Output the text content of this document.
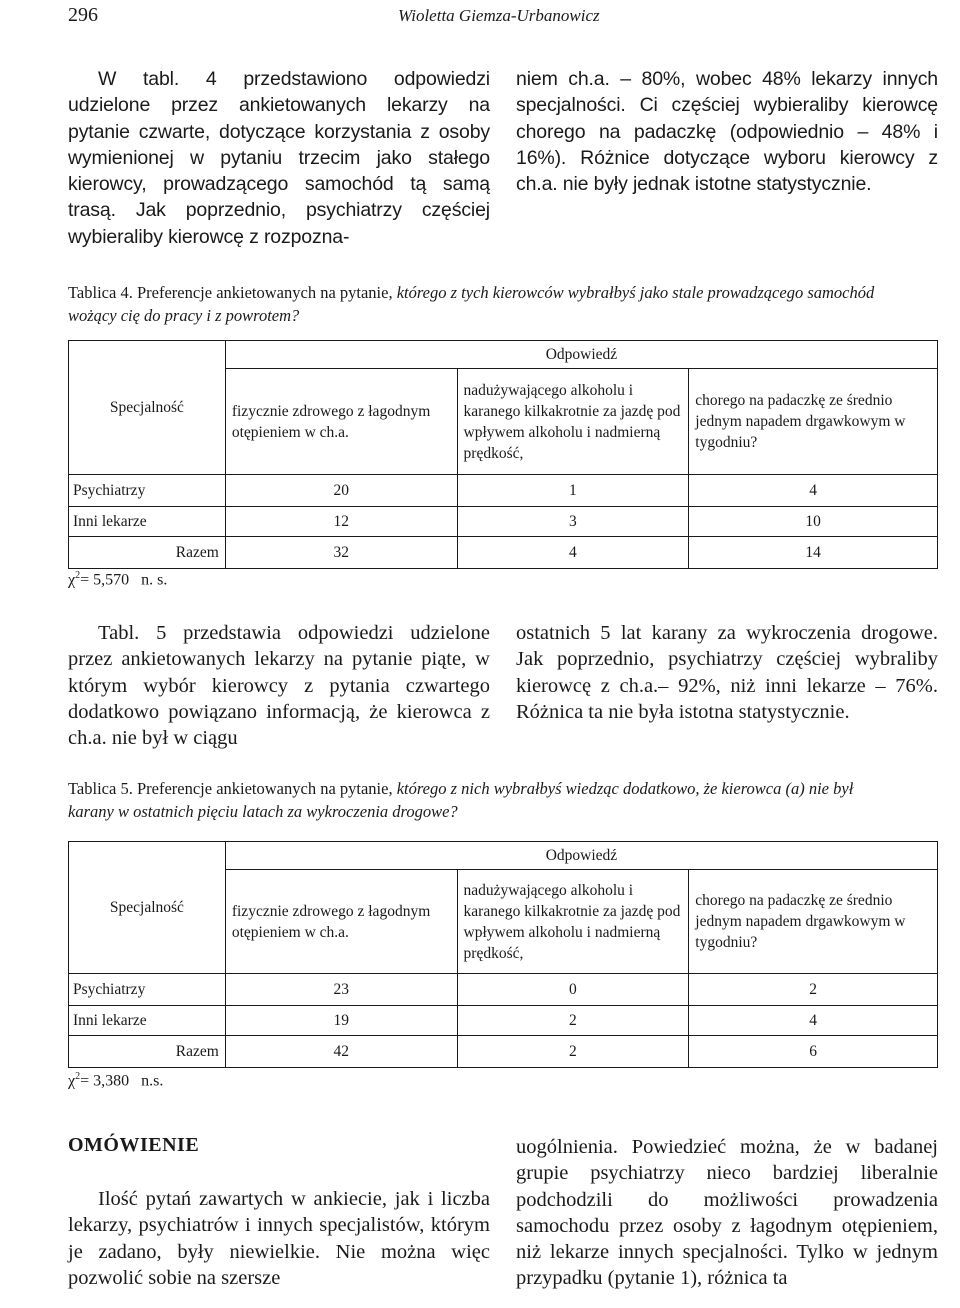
296	Wioletta Giemza-Urbanowicz
W tabl. 4 przedstawiono odpowiedzi udzielone przez ankietowanych lekarzy na pytanie czwarte, dotyczące korzystania z osoby wymienionej w pytaniu trzecim jako stałego kierowcy, prowadzącego samochód tą samą trasą. Jak poprzednio, psychiatrzy częściej wybieraliby kierowcę z rozpozna-
niem ch.a. – 80%, wobec 48% lekarzy innych specjalności. Ci częściej wybieraliby kierowcę chorego na padaczkę (odpowiednio – 48% i 16%). Różnice dotyczące wyboru kierowcy z ch.a. nie były jednak istotne statystycznie.
Tablica 4. Preferencje ankietowanych na pytanie, którego z tych kierowców wybrałbyś jako stale prowadzącego samochód wożący cię do pracy i z powrotem?
Specjalność	Odpowiedź		
	fizycznie zdrowego z łagodnym otępieniem w ch.a.	nadużywającego alkoholu i karanego kilkakrotnie za jazdę pod wpływem alkoholu i nadmierną prędkość,	chorego na padaczkę ze średnio jednym napadem drgawkowym w tygodniu?
Psychiatrzy	20	1	4
Inni lekarze	12	3	10
Razem	32	4	14
$\chi^2= 5,570$ n. s.
Tabl. 5 przedstawia odpowiedzi udzielone przez ankietowanych lekarzy na pytanie piąte, w którym wybór kierowcy z pytania czwartego dodatkowo powiązano informacją, że kierowca z ch.a. nie był w ciągu
ostatnich 5 lat karany za wykroczenia drogowe. Jak poprzednio, psychiatrzy częściej wybraliby kierowcę z ch.a.– 92%, niż inni lekarze – 76%. Różnica ta nie była istotna statystycznie.
Tablica 5. Preferencje ankietowanych na pytanie, którego z nich wybrałbyś wiedząc dodatkowo, że kierowca (a) nie był karany w ostatnich pięciu latach za wykroczenia drogowe?
Specjalność	Odpowiedź		
	fizycznie zdrowego z łagodnym otępieniem w ch.a.	nadużywającego alkoholu i karanego kilkakrotnie za jazdę pod wpływem alkoholu i nadmierną prędkość,	chorego na padaczkę ze średnio jednym napadem drgawkowym w tygodniu?
Psychiatrzy	23	0	2
Inni lekarze	19	2	4
Razem	42	2	6
$\chi^2= 3,380$ n.s.
OMÓWIENIE
Ilość pytań zawartych w ankiecie, jak i liczba lekarzy, psychiatrów i innych specjalistów, którym je zadano, były niewielkie. Nie można więc pozwolić sobie na szersze
uogólnienia. Powiedzieć można, że w badanej grupie psychiatrzy nieco bardziej liberalnie podchodzili do możliwości prowadzenia samochodu przez osoby z łagodnym otępieniem, niż lekarze innych specjalności. Tylko w jednym przypadku (pytanie 1), różnica ta
